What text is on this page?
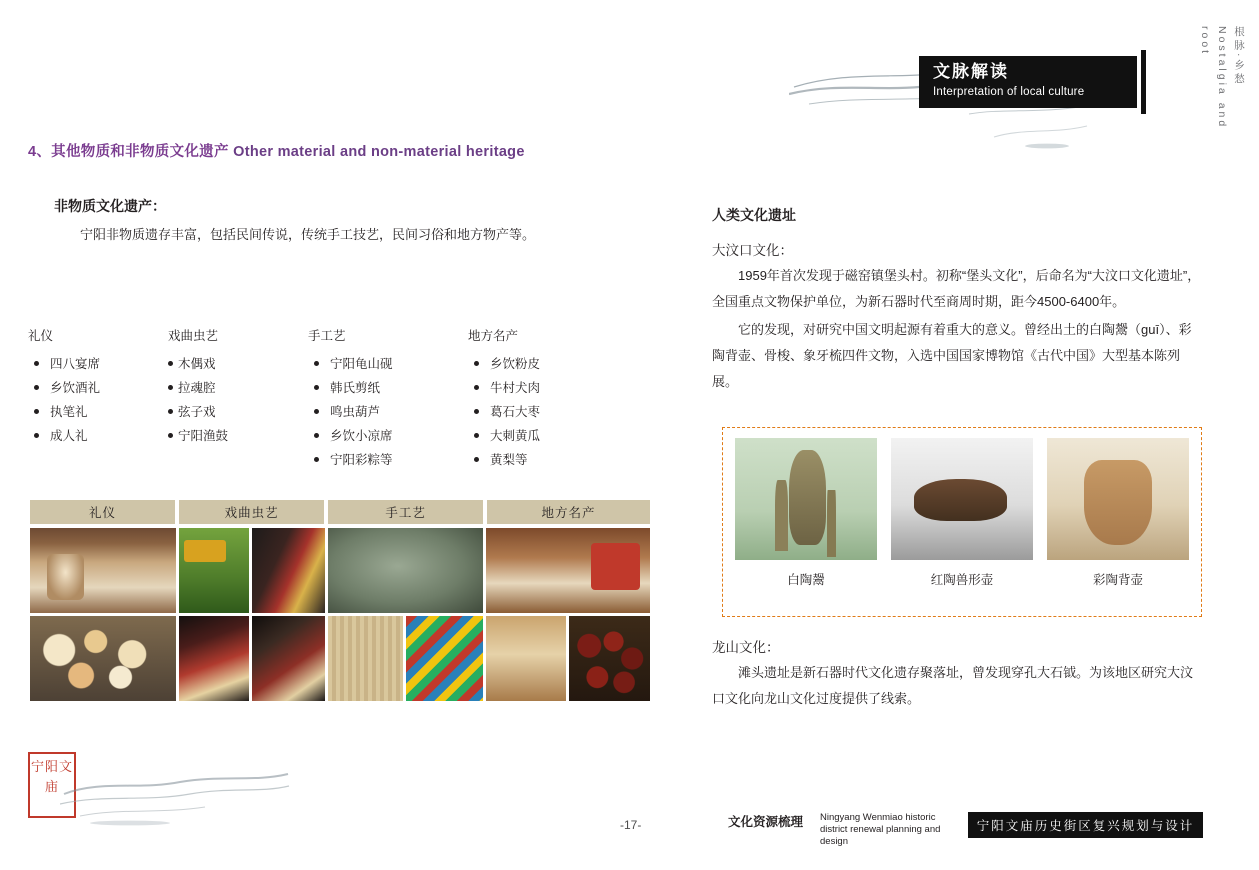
文脉解读
Interpretation of local culture
根脉·乡愁 Nostalgia and root
4、其他物质和非物质文化遗产 Other material and non-material heritage
非物质文化遗产：
宁阳非物质遗存丰富，包括民间传说，传统手工技艺，民间习俗和地方物产等。
礼仪
四八宴席
乡饮酒礼
执笔礼
成人礼
戏曲虫艺
木偶戏
拉魂腔
弦子戏
宁阳渔鼓
手工艺
宁阳龟山砚
韩氏剪纸
鸣虫葫芦
乡饮小凉席
宁阳彩粽等
地方名产
乡饮粉皮
牛村犬肉
葛石大枣
大刺黄瓜
黄梨等
礼仪	戏曲虫艺	手工艺	地方名产
人类文化遗址
大汶口文化：

1959年首次发现于磁窑镇堡头村。初称“堡头文化”，后命名为“大汶口文化遗址”，全国重点文物保护单位，为新石器时代至商周时期，距今4500-6400年。

它的发现，对研究中国文明起源有着重大的意义。曾经出土的白陶鬶（guī）、彩陶背壶、骨梭、象牙梳四件文物，入选中国国家博物馆《古代中国》大型基本陈列展。

白陶鬶	红陶兽形壶	彩陶背壶
龙山文化：

滩头遗址是新石器时代文化遗存聚落址，曾发现穿孔大石钺。为该地区研究大汶口文化向龙山文化过度提供了线索。

宁阳文庙
-17-	文化资源梳理 Ningyang Wenmiao historic district renewal planning and design
宁阳文庙历史街区复兴规划与设计
